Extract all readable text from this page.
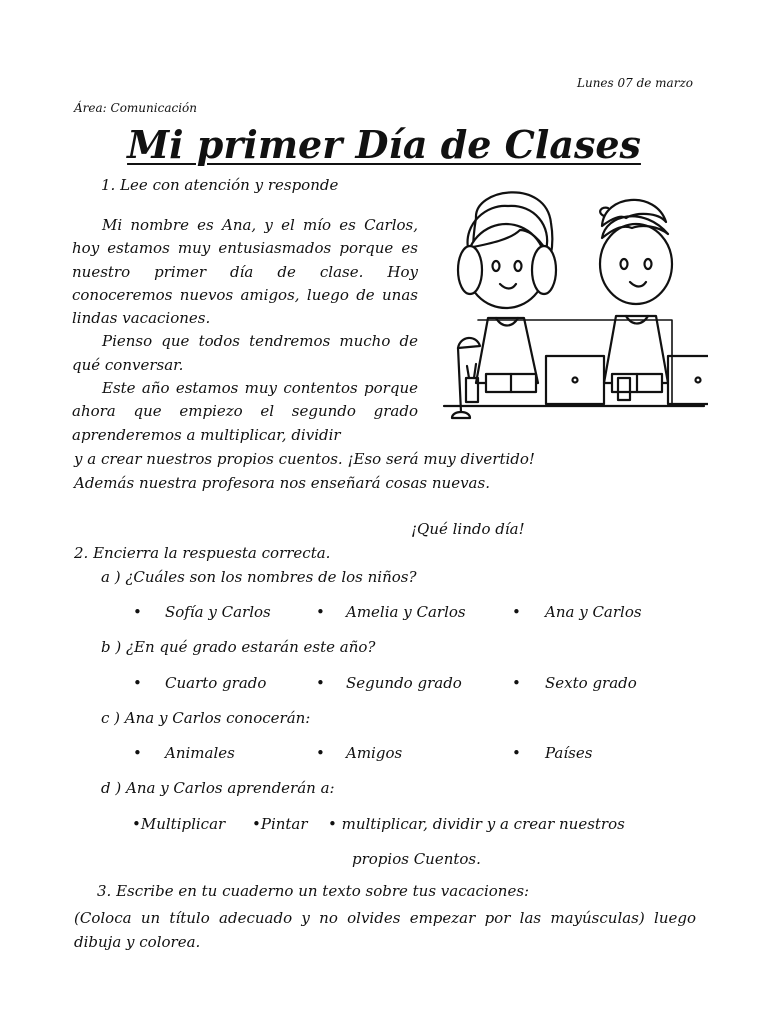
Lunes 07 de marzo
Área: Comunicación
Mi primer Día de Clases
1. Lee con atención y responde

Mi nombre es Ana, y el mío es Carlos, hoy estamos muy entusiasmados porque es nuestro primer día de clase. Hoy conoceremos nuevos amigos, luego de unas lindas vacaciones.

Pienso que todos tendremos mucho de qué conversar.

Este año estamos muy contentos porque ahora que empiezo el segundo grado aprenderemos a multiplicar, dividir

y a crear nuestros propios cuentos. ¡Eso será muy divertido!
Además nuestra profesora nos enseñará cosas nuevas.
¡Qué lindo día!
2. Encierra la respuesta correcta.
a ) ¿Cuáles son los nombres de los niños?
• Sofía y Carlos	• Amelia y Carlos	• Ana y Carlos
b ) ¿En qué grado estarán este año?
• Cuarto grado	• Segundo grado	• Sexto grado
c ) Ana y Carlos conocerán:
• Animales	• Amigos	• Países
d ) Ana y Carlos aprenderán a:
•Multiplicar •Pintar • multiplicar, dividir y a crear nuestros
propios Cuentos.
3. Escribe en tu cuaderno un texto sobre tus vacaciones:
(Coloca un título adecuado y no olvides empezar por las mayúsculas) luego dibuja y colorea.
